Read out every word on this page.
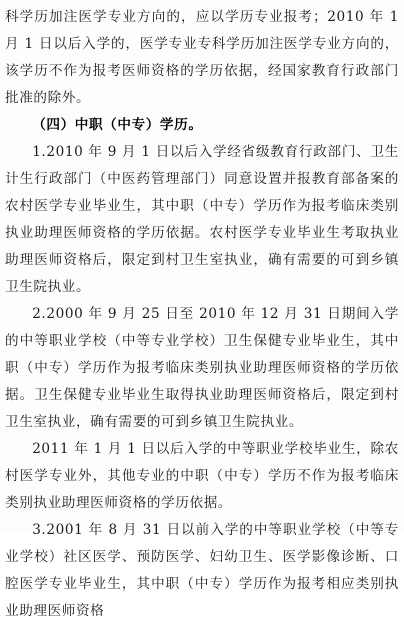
科学历加注医学专业方向的，应以学历专业报考；2010 年 1 月 1 日以后入学的，医学专业专科学历加注医学专业方向的，该学历不作为报考医师资格的学历依据，经国家教育行政部门批准的除外。

（四）中职（中专）学历。

1.2010 年 9 月 1 日以后入学经省级教育行政部门、卫生计生行政部门（中医药管理部门）同意设置并报教育部备案的农村医学专业毕业生，其中职（中专）学历作为报考临床类别执业助理医师资格的学历依据。农村医学专业毕业生考取执业助理医师资格后，限定到村卫生室执业，确有需要的可到乡镇卫生院执业。

2.2000 年 9 月 25 日至 2010 年 12 月 31 日期间入学的中等职业学校（中等专业学校）卫生保健专业毕业生，其中职（中专）学历作为报考临床类别执业助理医师资格的学历依据。卫生保健专业毕业生取得执业助理医师资格后，限定到村卫生室执业，确有需要的可到乡镇卫生院执业。

2011 年 1 月 1 日以后入学的中等职业学校毕业生，除农村医学专业外，其他专业的中职（中专）学历不作为报考临床类别执业助理医师资格的学历依据。

3.2001 年 8 月 31 日以前入学的中等职业学校（中等专业学校）社区医学、预防医学、妇幼卫生、医学影像诊断、口腔医学专业毕业生，其中职（中专）学历作为报考相应类别执业助理医师资格
